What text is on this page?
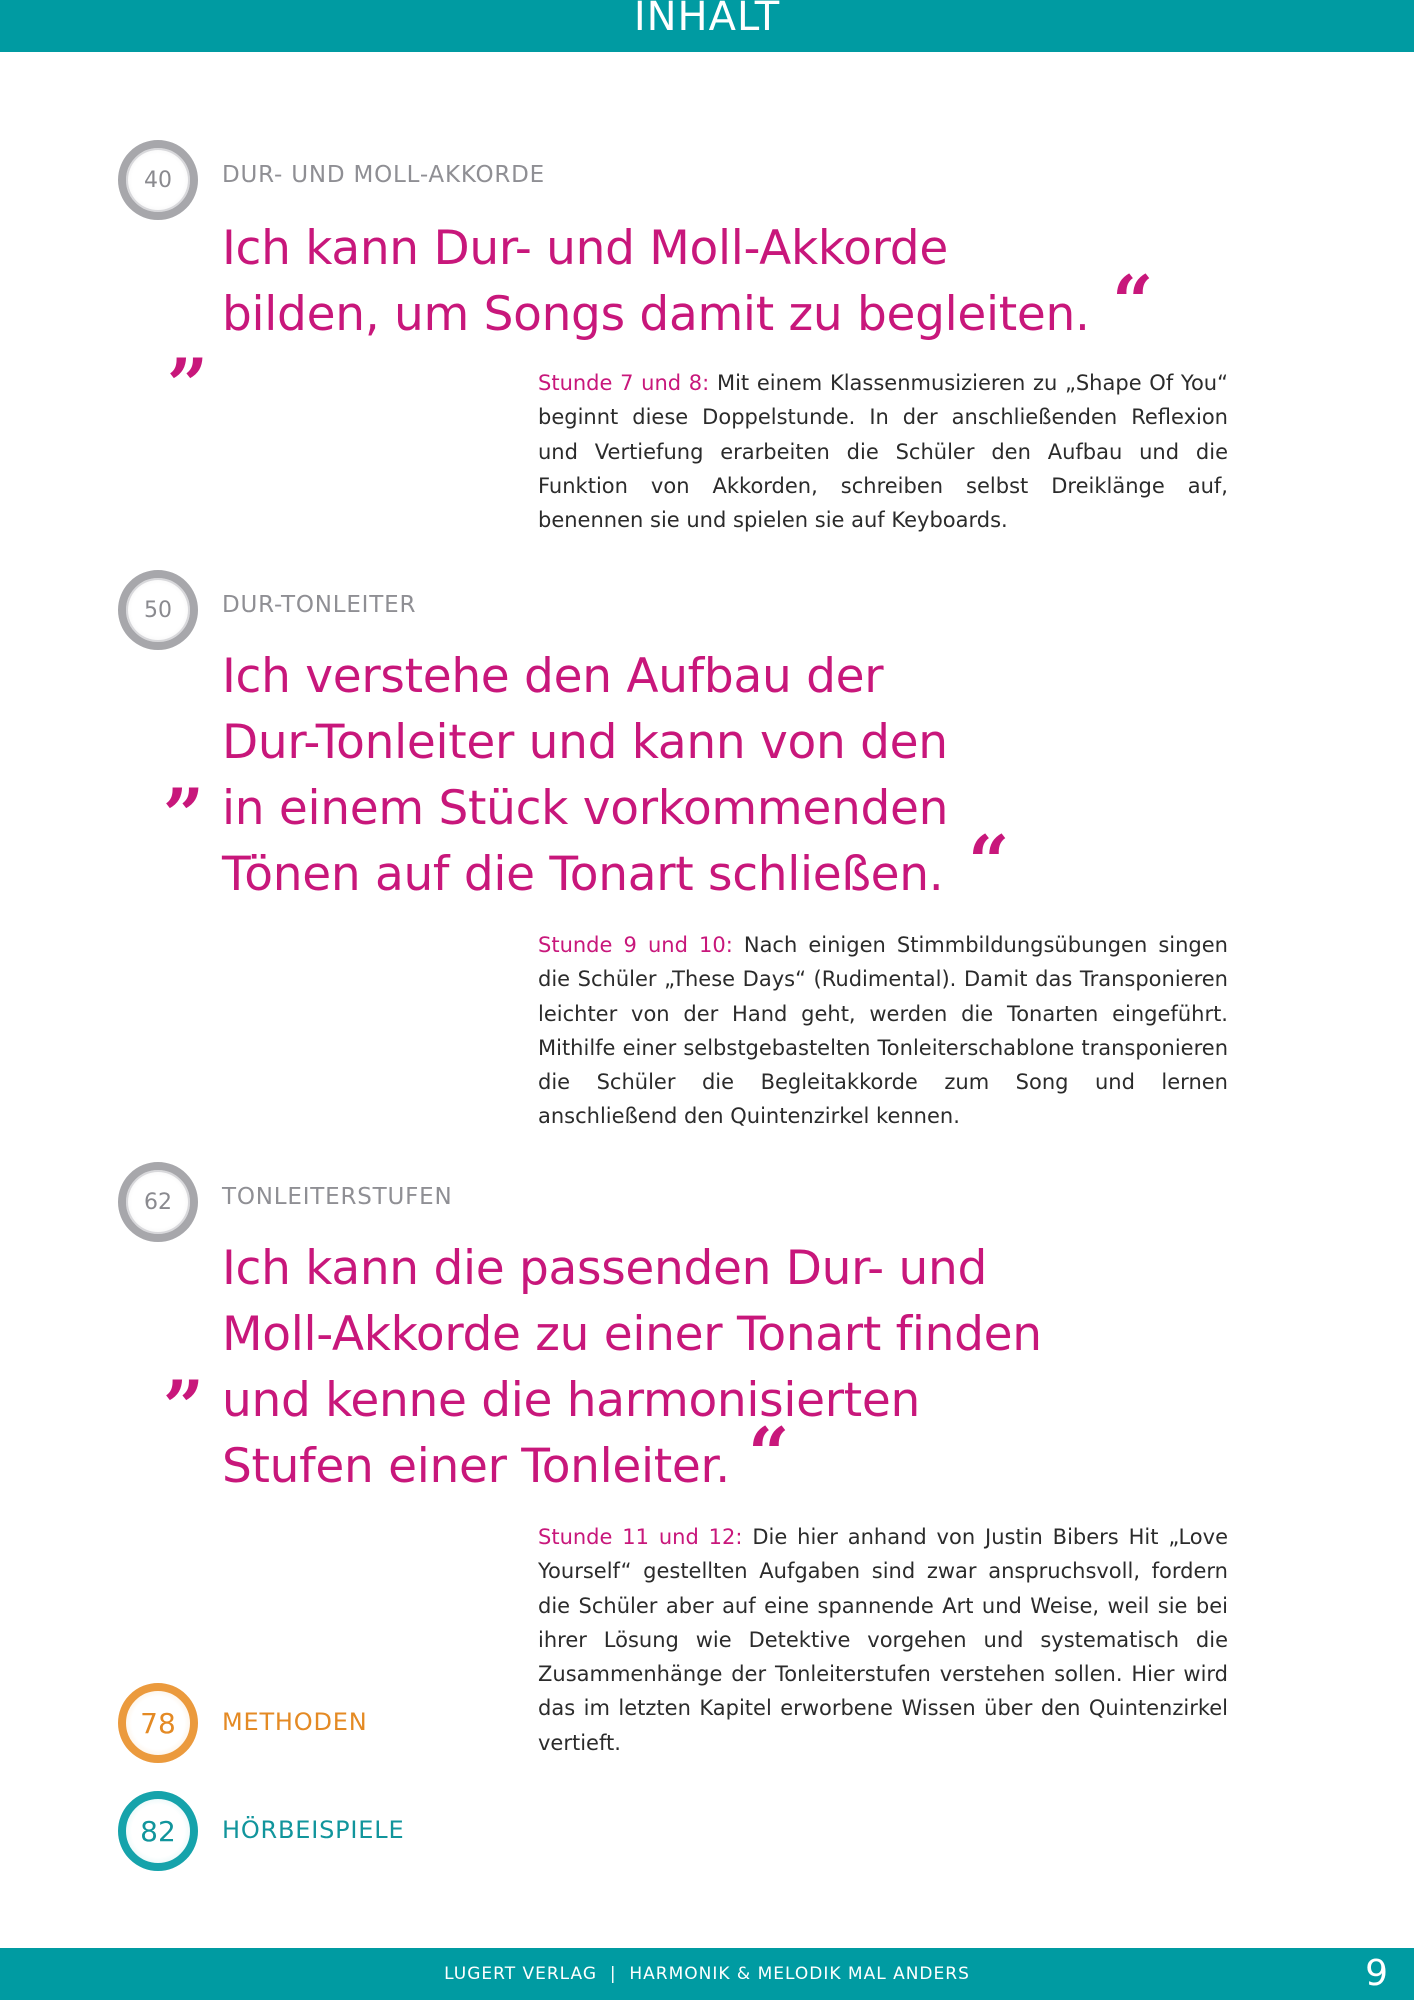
INHALT
40 DUR- UND MOLL-AKKORDE
„
Ich kann Dur- und Moll-Akkorde
bilden, um Songs damit zu begleiten. “
Stunde 7 und 8: Mit einem Klassenmusizieren zu „Shape Of You“ beginnt diese Doppelstunde. In der anschließenden Reflexion und Vertiefung erarbeiten die Schüler den Aufbau und die Funktion von Akkorden, schreiben selbst Dreiklänge auf, benennen sie und spielen sie auf Keyboards.
50 DUR-TONLEITER
„
Ich verstehe den Aufbau der
Dur-Tonleiter und kann von den
in einem Stück vorkommenden
Tönen auf die Tonart schließen. “
Stunde 9 und 10: Nach einigen Stimmbildungsübungen singen die Schüler „These Days“ (Rudimental). Damit das Transponieren leichter von der Hand geht, werden die Tonarten eingeführt. Mithilfe einer selbstgebastelten Tonleiterschablone transponieren die Schüler die Begleitakkorde zum Song und lernen anschließend den Quintenzirkel kennen.
62 TONLEITERSTUFEN
„
Ich kann die passenden Dur- und
Moll-Akkorde zu einer Tonart finden
und kenne die harmonisierten
Stufen einer Tonleiter. “
Stunde 11 und 12: Die hier anhand von Justin Bibers Hit „Love Yourself“ gestellten Aufgaben sind zwar anspruchsvoll, fordern die Schüler aber auf eine spannende Art und Weise, weil sie bei ihrer Lösung wie Detektive vorgehen und systematisch die Zusammenhänge der Tonleiterstufen verstehen sollen. Hier wird das im letzten Kapitel erworbene Wissen über den Quintenzirkel vertieft.
78 METHODEN
82 HÖRBEISPIELE
LUGERT VERLAG  |  HARMONIK & MELODIK MAL ANDERS	9
